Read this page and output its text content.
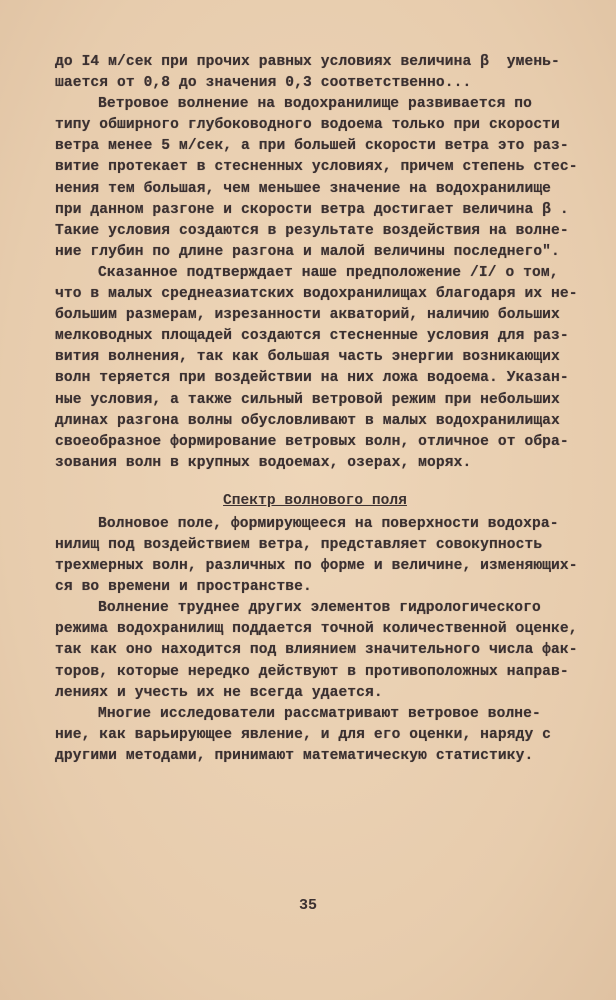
до I4 м/сек при прочих равных условиях величина β  умень-
шается от 0,8 до значения 0,3 соответственно...
Ветровое волнение на водохранилище развивается по
типу обширного глубоководного водоема только при скорости
ветра менее 5 м/сек, а при большей скорости ветра это раз-
витие протекает в стесненных условиях, причем степень стес-
нения тем большая, чем меньшее значение на водохранилище
при данном разгоне и скорости ветра достигает величина β .
Такие условия создаются в результате воздействия на волне-
ние глубин по длине разгона и малой величины последнего".
Сказанное подтверждает наше предположение /I/ о том,
что в малых среднеазиатских водохранилищах благодаря их не-
большим размерам, изрезанности акваторий, наличию больших
мелководных площадей создаются стесненные условия для раз-
вития волнения, так как большая часть энергии возникающих
волн теряется при воздействии на них ложа водоема. Указан-
ные условия, а также сильный ветровой режим при небольших
длинах разгона волны обусловливают в малых водохранилищах
своеобразное формирование ветровых волн, отличное от обра-
зования волн в крупных водоемах, озерах, морях.
Спектр волнового поля
Волновое поле, формирующееся на поверхности водохра-
нилищ под воздействием ветра, представляет совокупность
трехмерных волн, различных по форме и величине, изменяющих-
ся во времени и пространстве.
Волнение труднее других элементов гидрологического
режима водохранилищ поддается точной количественной оценке,
так как оно находится под влиянием значительного числа фак-
торов, которые нередко действуют в противоположных направ-
лениях и учесть их не всегда удается.
Многие исследователи рассматривают ветровое волне-
ние, как варьирующее явление, и для его оценки, наряду с
другими методами, принимают математическую статистику.
35
